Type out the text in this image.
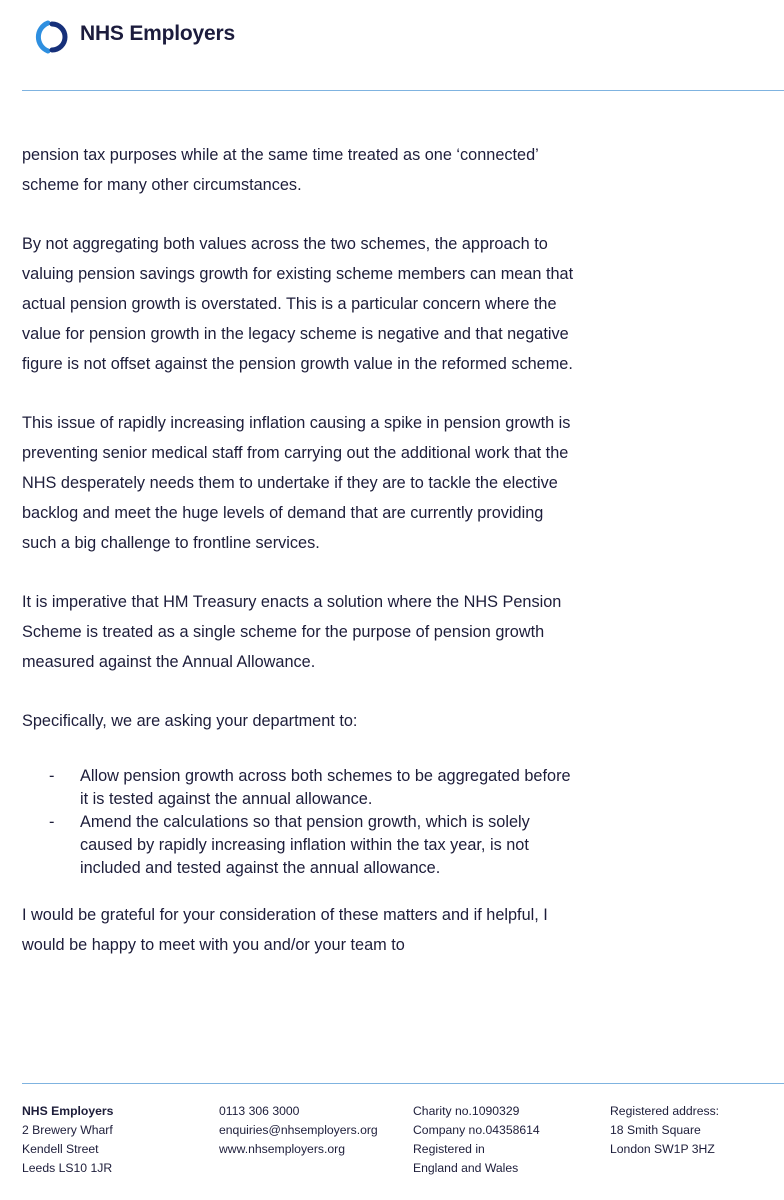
NHS Employers

pension tax purposes while at the same time treated as one ‘connected’ scheme for many other circumstances.

By not aggregating both values across the two schemes, the approach to valuing pension savings growth for existing scheme members can mean that actual pension growth is overstated. This is a particular concern where the value for pension growth in the legacy scheme is negative and that negative figure is not offset against the pension growth value in the reformed scheme.

This issue of rapidly increasing inflation causing a spike in pension growth is preventing senior medical staff from carrying out the additional work that the NHS desperately needs them to undertake if they are to tackle the elective backlog and meet the huge levels of demand that are currently providing such a big challenge to frontline services.

It is imperative that HM Treasury enacts a solution where the NHS Pension Scheme is treated as a single scheme for the purpose of pension growth measured against the Annual Allowance.

Specifically, we are asking your department to:

- Allow pension growth across both schemes to be aggregated before it is tested against the annual allowance.
- Amend the calculations so that pension growth, which is solely caused by rapidly increasing inflation within the tax year, is not included and tested against the annual allowance.

I would be grateful for your consideration of these matters and if helpful, I would be happy to meet with you and/or your team to

NHS Employers
2 Brewery Wharf
Kendell Street
Leeds LS10 1JR
0113 306 3000
enquiries@nhsemployers.org
www.nhsemployers.org
Charity no.1090329
Company no.04358614
Registered in
England and Wales
Registered address:
18 Smith Square
London SW1P 3HZ
